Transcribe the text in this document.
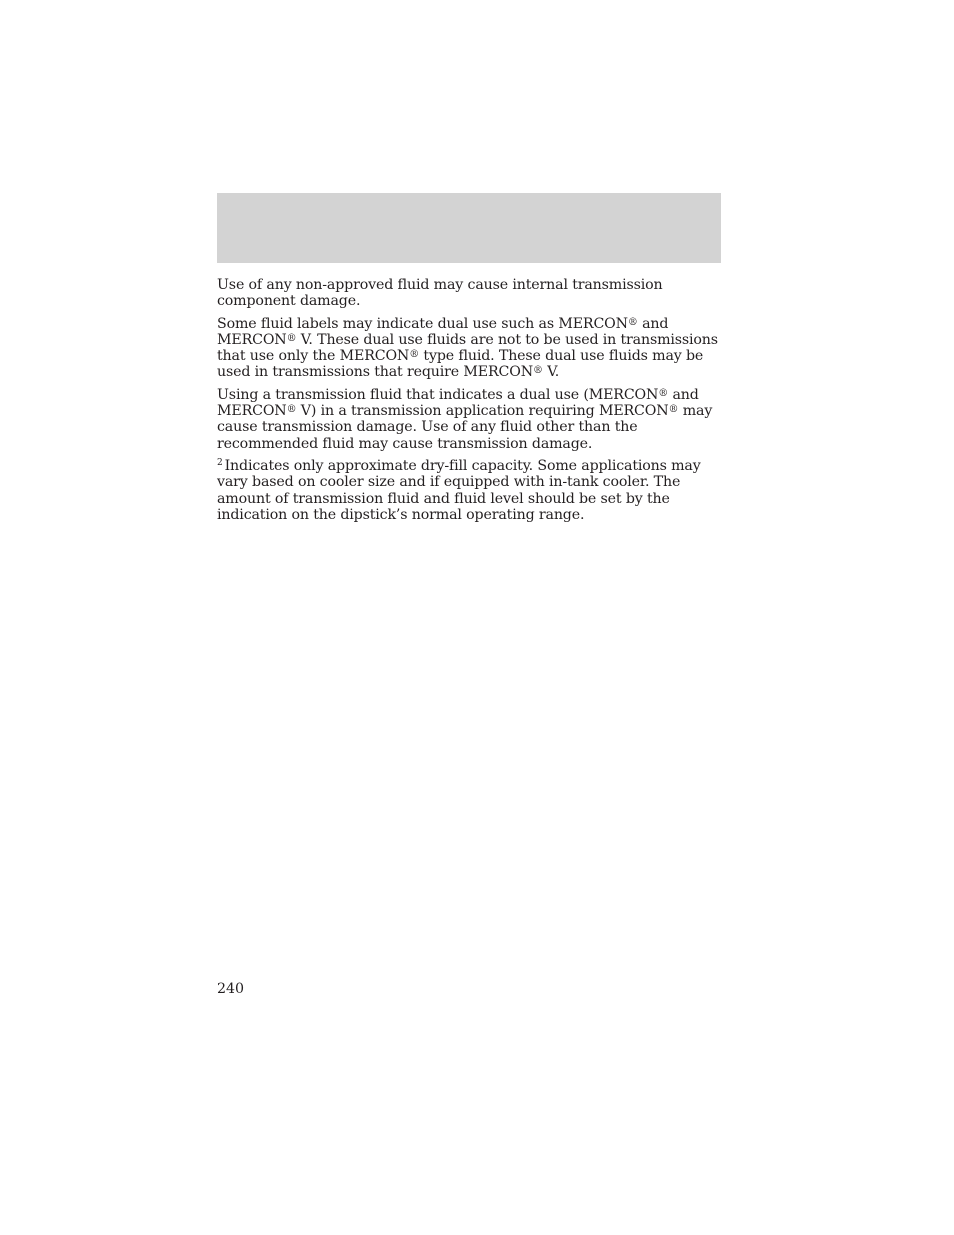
Use of any non-approved fluid may cause internal transmission
component damage.

Some fluid labels may indicate dual use such as MERCON® and
MERCON® V. These dual use fluids are not to be used in transmissions
that use only the MERCON® type fluid. These dual use fluids may be
used in transmissions that require MERCON® V.

Using a transmission fluid that indicates a dual use (MERCON® and
MERCON® V) in a transmission application requiring MERCON® may
cause transmission damage. Use of any fluid other than the
recommended fluid may cause transmission damage.

$^2$ Indicates only approximate dry-fill capacity. Some applications may
vary based on cooler size and if equipped with in-tank cooler. The
amount of transmission fluid and fluid level should be set by the
indication on the dipstick’s normal operating range.

240
